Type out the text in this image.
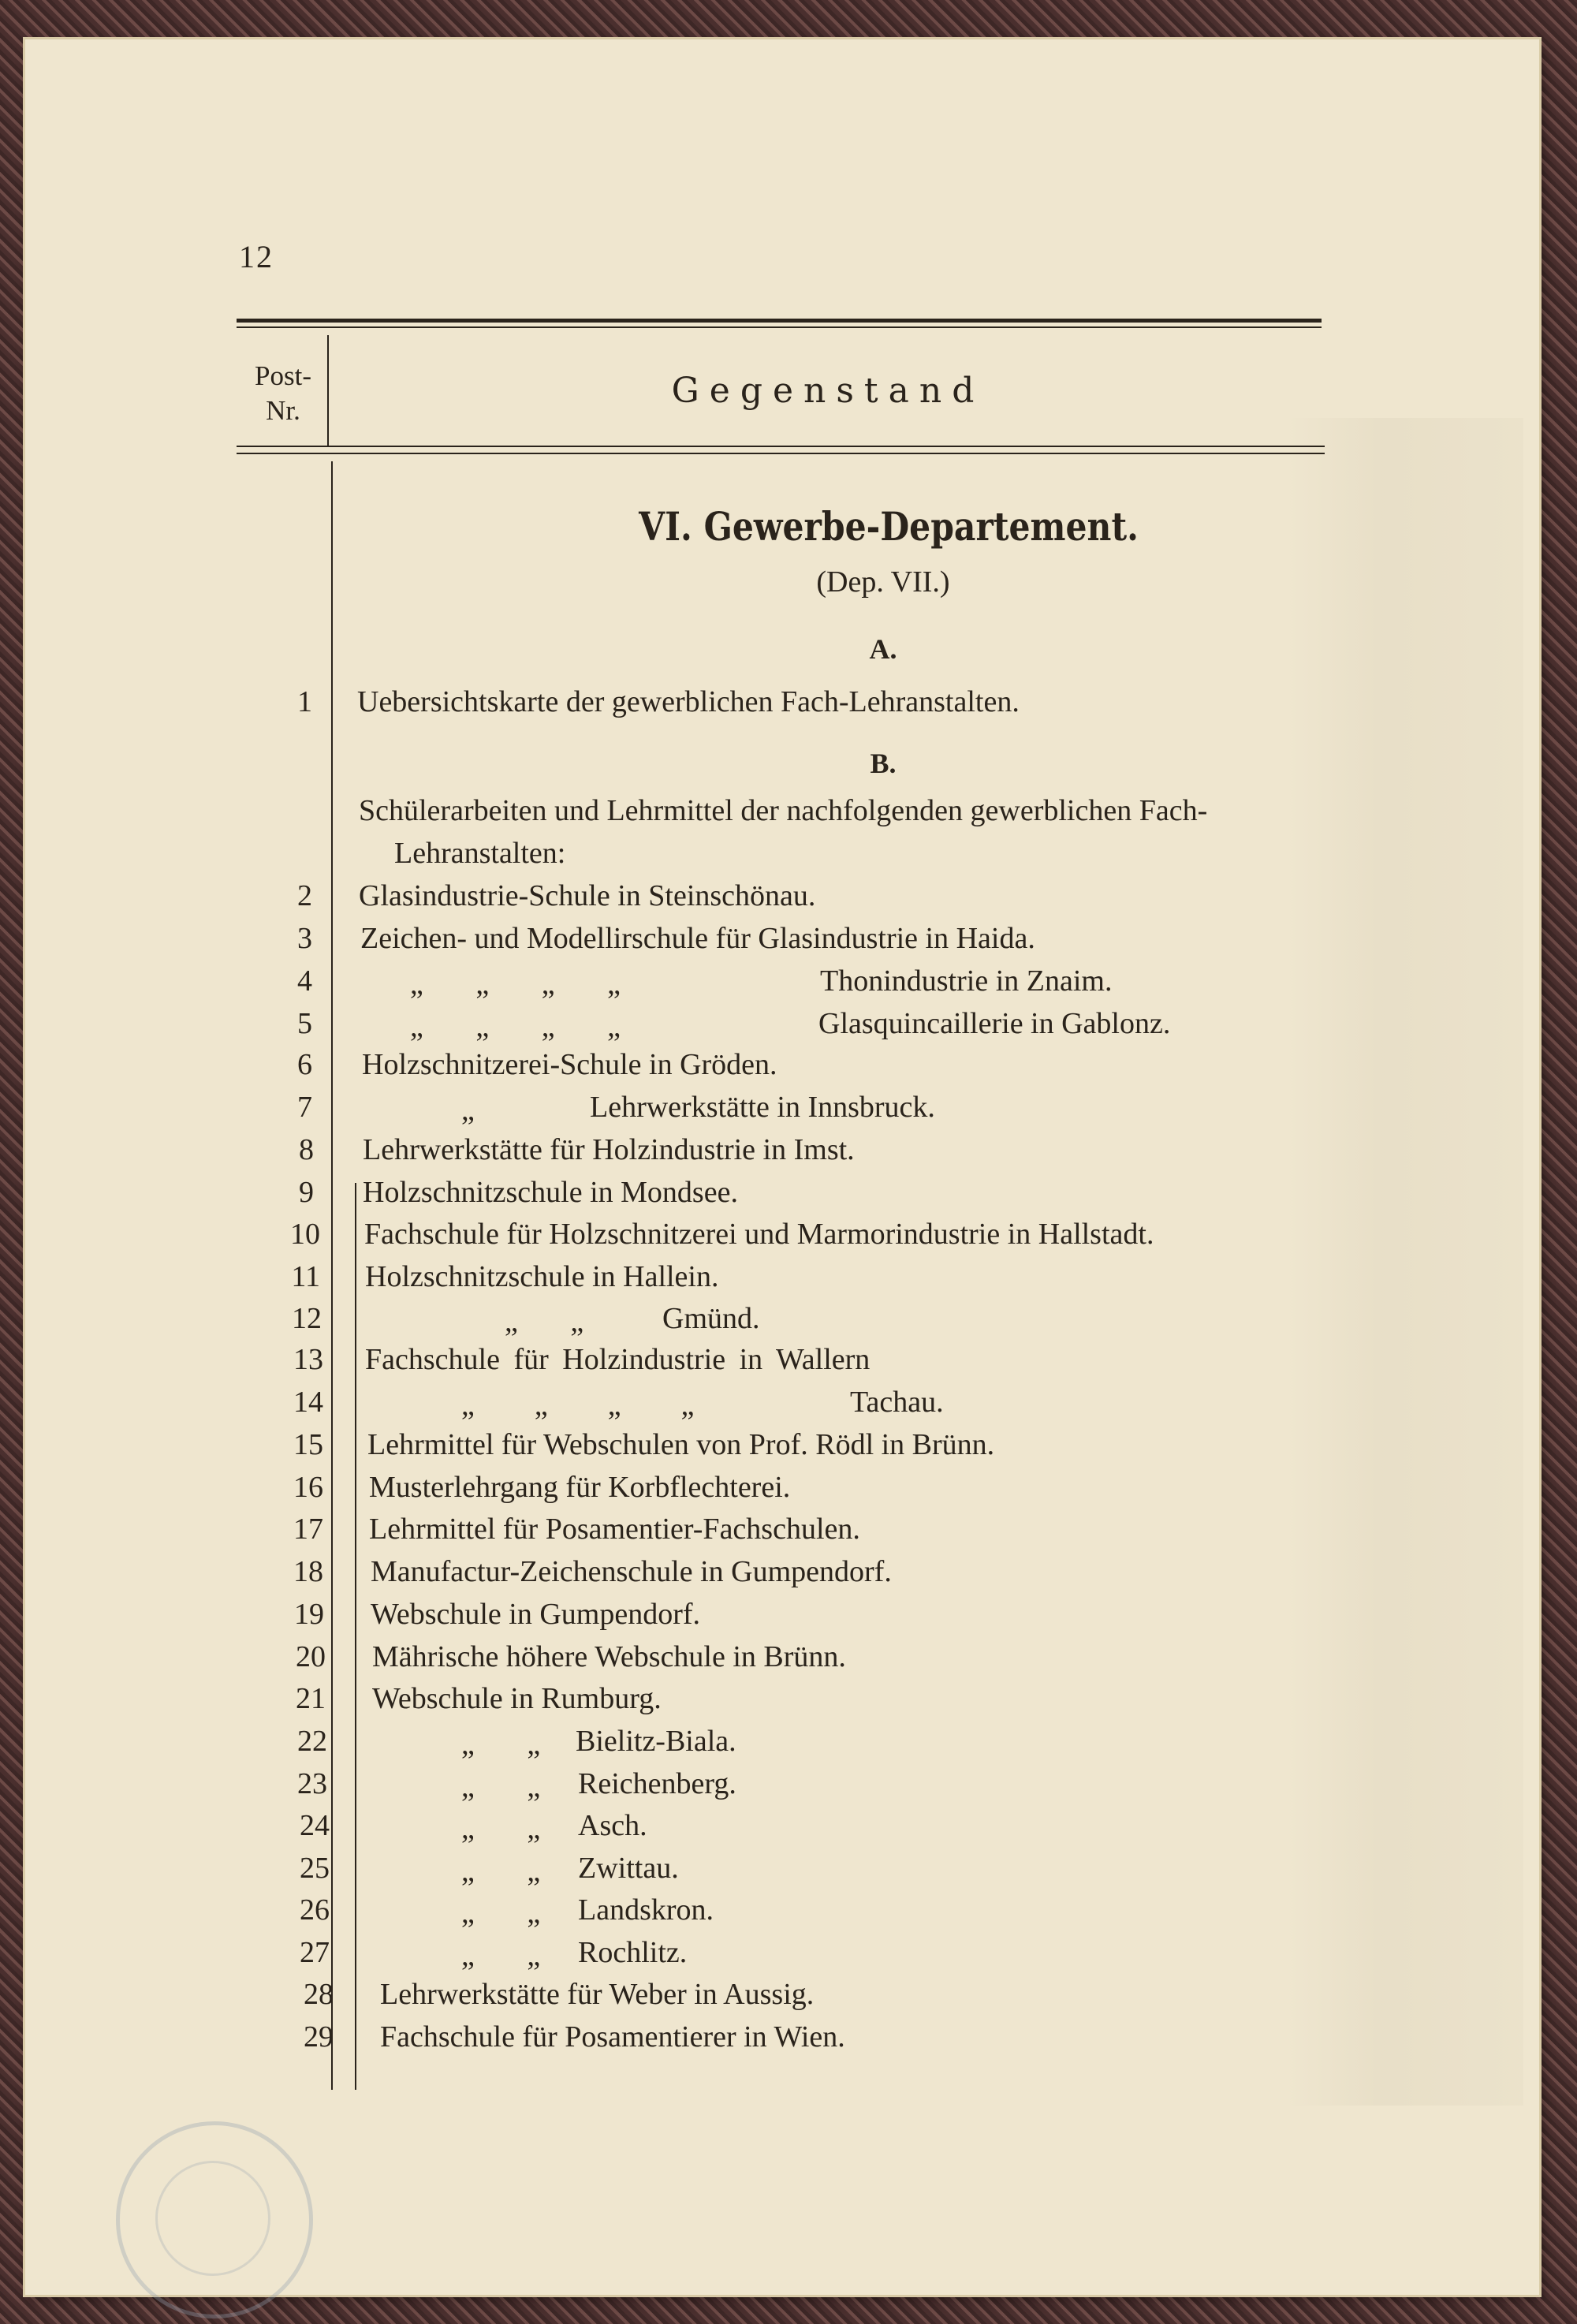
12
Post-
Nr.	Gegenstand
VI. Gewerbe-Departement.
(Dep. VII.)
A.
B.
Schülerarbeiten und Lehrmittel der nachfolgenden gewerblichen Fach-
Lehranstalten:
1 Uebersichtskarte der gewerblichen Fach-Lehranstalten.
2 Glasindustrie-Schule in Steinschönau.
3 Zeichen- und Modellirschule für Glasindustrie in Haida.
4	„       „       „       „	Thonindustrie in Znaim.
5	„       „       „       „	Glasquincaillerie in Gablonz.
6 Holzschnitzerei-Schule in Gröden.
7	„	Lehrwerkstätte in Innsbruck.
8 Lehrwerkstätte für Holzindustrie in Imst.
9 Holzschnitzschule in Mondsee.
10 Fachschule für Holzschnitzerei und Marmorindustrie in Hallstadt.
11 Holzschnitzschule in Hallein.
12	„       „	Gmünd.
13 Fachschule für Holzindustrie in Wallern
14	„        „        „        „	Tachau.
15 Lehrmittel für Webschulen von Prof. Rödl in Brünn.
16 Musterlehrgang für Korbflechterei.
17 Lehrmittel für Posamentier-Fachschulen.
18 Manufactur-Zeichenschule in Gumpendorf.
19 Webschule in Gumpendorf.
20 Mährische höhere Webschule in Brünn.
21 Webschule in Rumburg.
22	„       „ Bielitz-Biala.
23	„       „ Reichenberg.
24	„       „ Asch.
25	„       „ Zwittau.
26	„       „ Landskron.
27	„       „ Rochlitz.
28 Lehrwerkstätte für Weber in Aussig.
29 Fachschule für Posamentierer in Wien.
